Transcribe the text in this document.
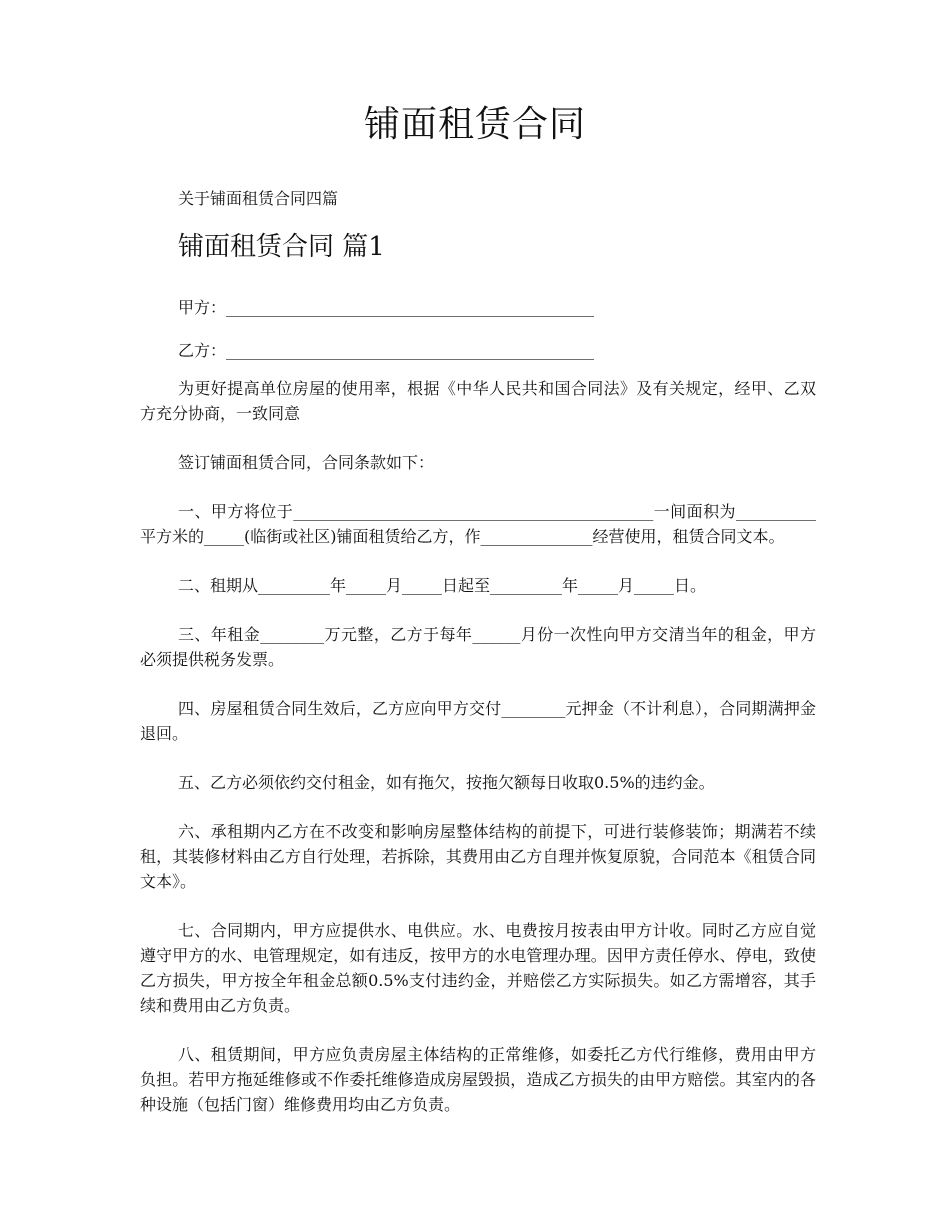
铺面租赁合同

关于铺面租赁合同四篇

铺面租赁合同 篇1

甲方：______________________________________________

乙方：______________________________________________

为更好提高单位房屋的使用率，根据《中华人民共和国合同法》及有关规定，经甲、乙双方充分协商，一致同意

签订铺面租赁合同，合同条款如下：

一、甲方将位于_____________________________________________一间面积为__________平方米的_____(临街或社区)铺面租赁给乙方，作______________经营使用，租赁合同文本。

二、租期从_________年_____月_____日起至_________年_____月_____日。

三、年租金________万元整，乙方于每年______月份一次性向甲方交清当年的租金，甲方必须提供税务发票。

四、房屋租赁合同生效后，乙方应向甲方交付________元押金（不计利息），合同期满押金退回。

五、乙方必须依约交付租金，如有拖欠，按拖欠额每日收取0.5%的违约金。

六、承租期内乙方在不改变和影响房屋整体结构的前提下，可进行装修装饰；期满若不续租，其装修材料由乙方自行处理，若拆除，其费用由乙方自理并恢复原貌，合同范本《租赁合同文本》。

七、合同期内，甲方应提供水、电供应。水、电费按月按表由甲方计收。同时乙方应自觉遵守甲方的水、电管理规定，如有违反，按甲方的水电管理办理。因甲方责任停水、停电，致使乙方损失，甲方按全年租金总额0.5%支付违约金，并赔偿乙方实际损失。如乙方需增容，其手续和费用由乙方负责。

八、租赁期间，甲方应负责房屋主体结构的正常维修，如委托乙方代行维修，费用由甲方负担。若甲方拖延维修或不作委托维修造成房屋毁损，造成乙方损失的由甲方赔偿。其室内的各种设施（包括门窗）维修费用均由乙方负责。
